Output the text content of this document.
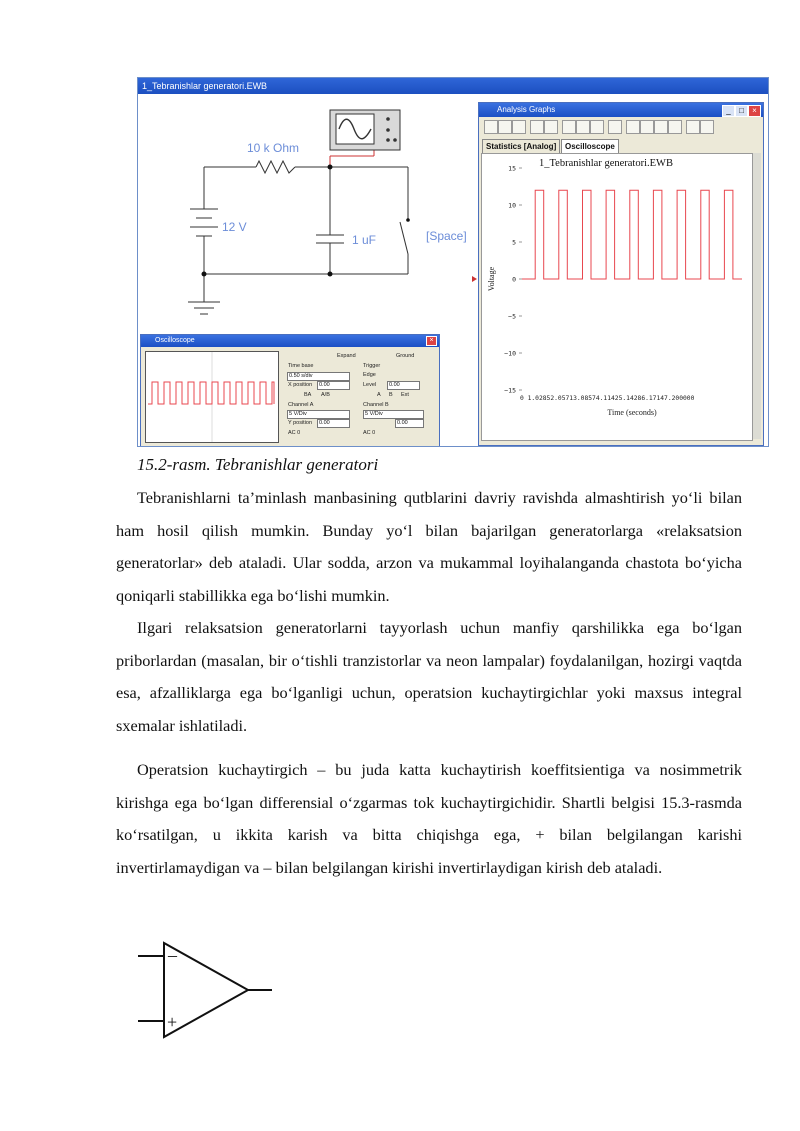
1_Tebranishlar generatori.EWB
10 k Ohm
12 V
1 uF	[Space]
Analysis Graphs	_	□	×
Statistics [Analog]	Oscilloscope
1_Tebranishlar generatori.EWB
15
10
5
0
−5
−10
−15
Voltage
0 1.02852.05713.08574.11425.14286.17147.200000
Time (seconds)
Oscilloscope	×
Expand	Ground
Time base
0.50 s/div
X position	0.00
BA A/B
Trigger
Edge
Level	0.00
A B Ext
Channel A
5 V/Div
Y position	0.00
AC 0
Channel B
5 V/Div
0.00
AC 0
15.2-rasm. Tebranishlar generatori

Tebranishlarni ta’minlash manbasining qutblarini davriy ravishda almashtirish yo‘li bilan ham hosil qilish mumkin. Bunday yo‘l bilan bajarilgan generatorlarga «relaksatsion generatorlar» deb ataladi. Ular sodda, arzon va mukammal loyihalanganda chastota bo‘yicha qoniqarli stabillikka ega bo‘lishi mumkin.

Ilgari relaksatsion generatorlarni tayyorlash uchun manfiy qarshilikka ega bo‘lgan priborlardan (masalan, bir o‘tishli tranzistorlar va neon lampalar) foydalanilgan, hozirgi vaqtda esa, afzalliklarga ega bo‘lganligi uchun, operatsion kuchaytirgichlar yoki maxsus integral sxemalar ishlatiladi.

Operatsion kuchaytirgich – bu juda katta kuchaytirish koeffitsientiga va nosimmetrik kirishga ega bo‘lgan differensial o‘zgarmas tok kuchaytirgichidir. Shartli belgisi 15.3-rasmda ko‘rsatilgan, u ikkita karish va bitta chiqishga ega, + bilan belgilangan karishi invertirlamaydigan va – bilan belgilangan kirishi invertirlaydigan kirish deb ataladi.

–
+
